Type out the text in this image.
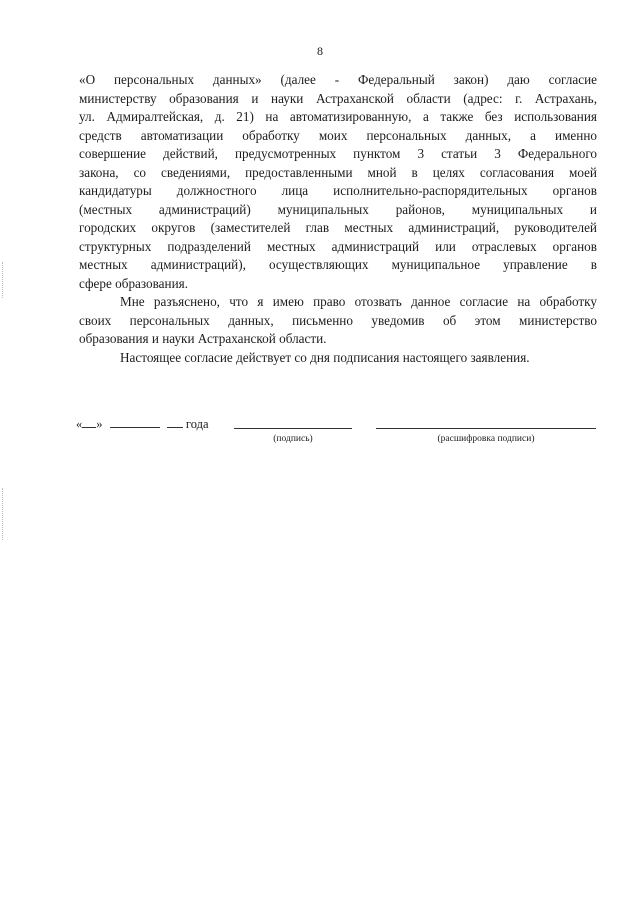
8
«О персональных данных» (далее - Федеральный закон) даю согласие
министерству образования и науки Астраханской области (адрес: г. Астрахань,
ул. Адмиралтейская, д. 21) на автоматизированную, а также без использования
средств автоматизации обработку моих персональных данных, а именно
совершение действий, предусмотренных пунктом 3 статьи 3 Федерального
закона, со сведениями, предоставленными мной в целях согласования моей
кандидатуры должностного лица исполнительно-распорядительных органов
(местных администраций) муниципальных районов, муниципальных и
городских округов (заместителей глав местных администраций, руководителей
структурных подразделений местных администраций или отраслевых органов
местных администраций), осуществляющих муниципальное управление в
сфере образования.
Мне разъяснено, что я имею право отозвать данное согласие на обработку
своих персональных данных, письменно уведомив об этом министерство
образования и науки Астраханской области.
Настоящее согласие действует со дня подписания настоящего заявления.
« »	года
(подпись)	(расшифровка подписи)
